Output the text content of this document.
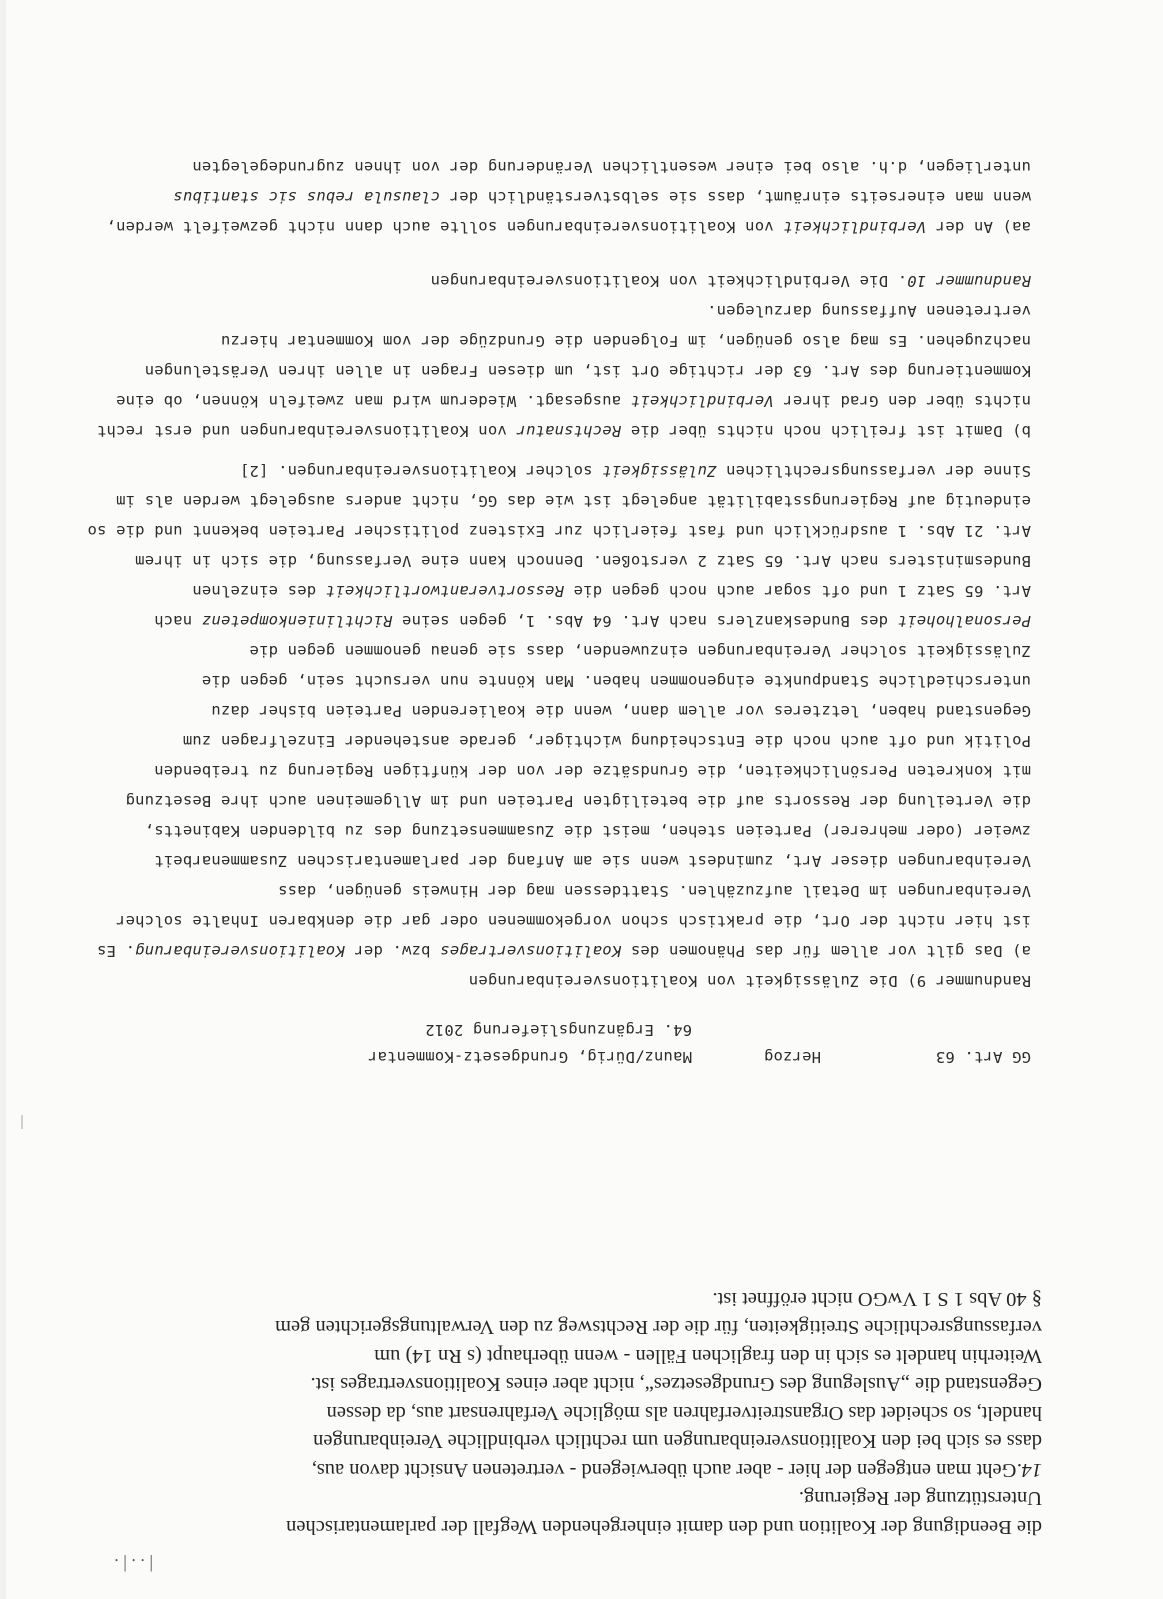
| . . | .
GG Art. 63
Herzog
Maunz/Dürig, Grundgesetz-Kommentar
64. Ergänzungslieferung 2012

Randnummer 9) Die Zulässigkeit von Koalitionsvereinbarungen

a) Das gilt vor allem für das Phänomen des Koalitionsvertrages bzw. der Koalitionsvereinbarung. Es

ist hier nicht der Ort, die praktisch schon vorgekommenen oder gar die denkbaren Inhalte solcher

Vereinbarungen im Detail aufzuzählen. Stattdessen mag der Hinweis genügen, dass

Vereinbarungen dieser Art, zumindest wenn sie am Anfang der parlamentarischen Zusammenarbeit

zweier (oder mehrerer) Parteien stehen, meist die Zusammensetzung des zu bildenden Kabinetts,

die Verteilung der Ressorts auf die beteiligten Parteien und im Allgemeinen auch ihre Besetzung

mit konkreten Persönlichkeiten, die Grundsätze der von der künftigen Regierung zu treibenden

Politik und oft auch noch die Entscheidung wichtiger, gerade anstehender Einzelfragen zum

Gegenstand haben, letzteres vor allem dann, wenn die koalierenden Parteien bisher dazu

unterschiedliche Standpunkte eingenommen haben. Man könnte nun versucht sein, gegen die

Zulässigkeit solcher Vereinbarungen einzuwenden, dass sie genau genommen gegen die

Personalhoheit des Bundeskanzlers nach Art. 64 Abs. 1, gegen seine Richtlinienkompetenz nach

Art. 65 Satz 1 und oft sogar auch noch gegen die Ressortverantwortlichkeit des einzelnen

Bundesministers nach Art. 65 Satz 2 verstoßen. Dennoch kann eine Verfassung, die sich in ihrem

Art. 21 Abs. 1 ausdrücklich und fast feierlich zur Existenz politischer Parteien bekennt und die so

eindeutig auf Regierungsstabilität angelegt ist wie das GG, nicht anders ausgelegt werden als im

Sinne der verfassungsrechtlichen Zulässigkeit solcher Koalitionsvereinbarungen. [2]

b) Damit ist freilich noch nichts über die Rechtsnatur von Koalitionsvereinbarungen und erst recht

nichts über den Grad ihrer Verbindlichkeit ausgesagt. Wiederum wird man zweifeln können, ob eine

Kommentierung des Art. 63 der richtige Ort ist, um diesen Fragen in allen ihren Verästelungen

nachzugehen. Es mag also genügen, im Folgenden die Grundzüge der vom Kommentar hierzu

vertretenen Auffassung darzulegen.

Randnummer 10. Die Verbindlichkeit von Koalitionsvereinbarungen

aa) An der Verbindlichkeit von Koalitionsvereinbarungen sollte auch dann nicht gezweifelt werden,

wenn man einerseits einräumt, dass sie selbstverständlich der clausula rebus sic stantibus

unterliegen, d.h. also bei einer wesentlichen Veränderung der von ihnen zugrundegelegten

die Beendigung der Koalition und den damit einhergehenden Wegfall der parlamentarischen

Unterstützung der Regierung.

14.Geht man entgegen der hier - aber auch überwiegend - vertretenen Ansicht davon aus,

dass es sich bei den Koalitionsvereinbarungen um rechtlich verbindliche Vereinbarungen

handelt, so scheidet das Organstreitverfahren als mögliche Verfahrensart aus, da dessen

Gegenstand die „Auslegung des Grundgesetzes“, nicht aber eines Koalitionsvertrages ist.

Weiterhin handelt es sich in den fraglichen Fällen - wenn überhaupt (s Rn 14) um

verfassungsrechtliche Streitigkeiten, für die der Rechtsweg zu den Verwaltungsgerichten gem

§ 40 Abs 1 S 1 VwGO nicht eröffnet ist.
